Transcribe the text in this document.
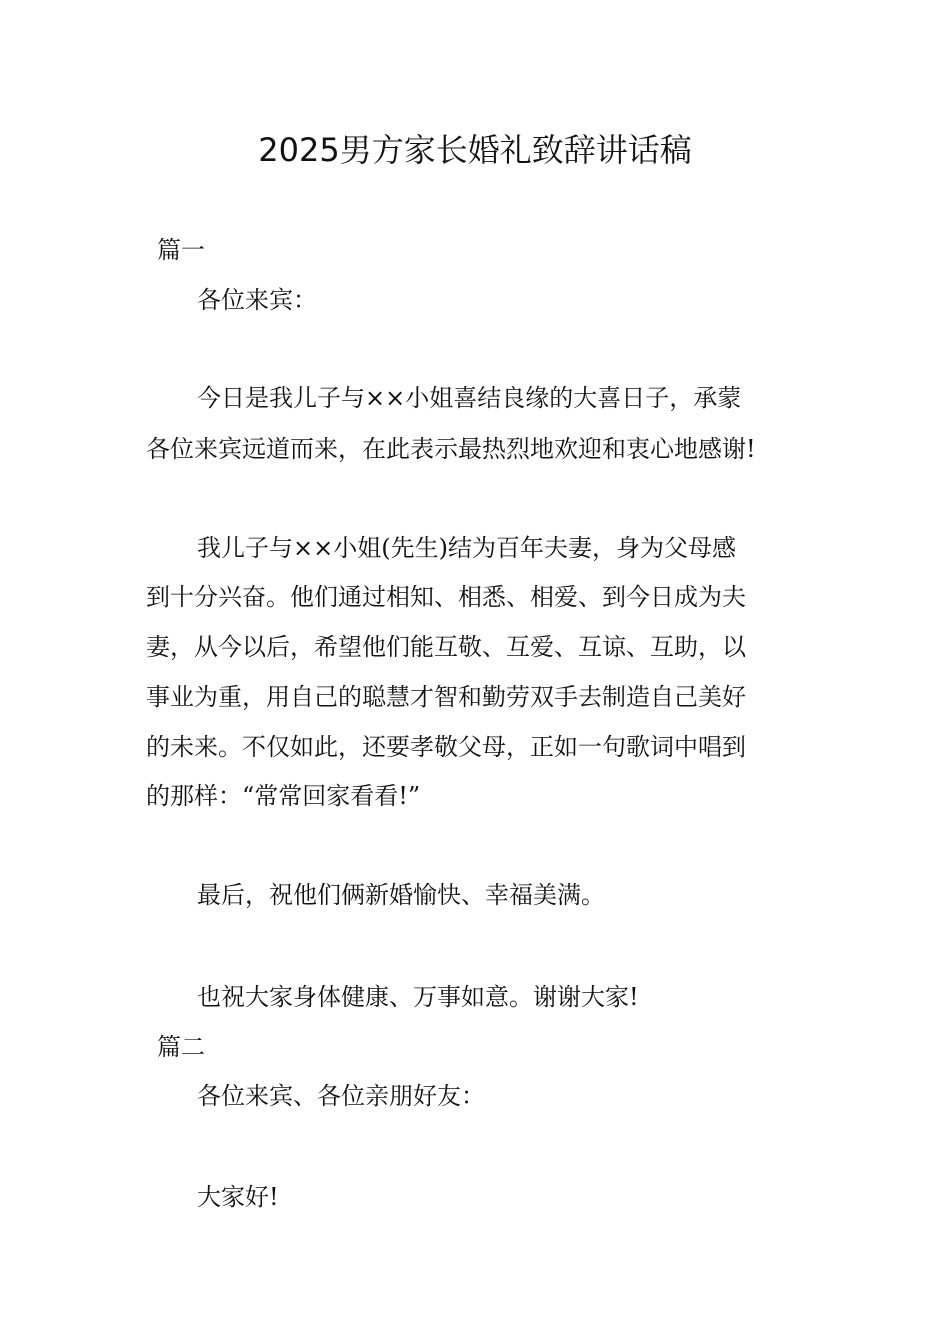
2025男方家长婚礼致辞讲话稿

篇一

各位来宾：

今日是我儿子与××小姐喜结良缘的大喜日子，承蒙

各位来宾远道而来，在此表示最热烈地欢迎和衷心地感谢!

我儿子与××小姐(先生)结为百年夫妻，身为父母感

到十分兴奋。他们通过相知、相悉、相爱、到今日成为夫

妻，从今以后，希望他们能互敬、互爱、互谅、互助，以

事业为重，用自己的聪慧才智和勤劳双手去制造自己美好

的未来。不仅如此，还要孝敬父母，正如一句歌词中唱到

的那样：“常常回家看看!”

最后，祝他们俩新婚愉快、幸福美满。

也祝大家身体健康、万事如意。谢谢大家!

篇二

各位来宾、各位亲朋好友：

大家好!
